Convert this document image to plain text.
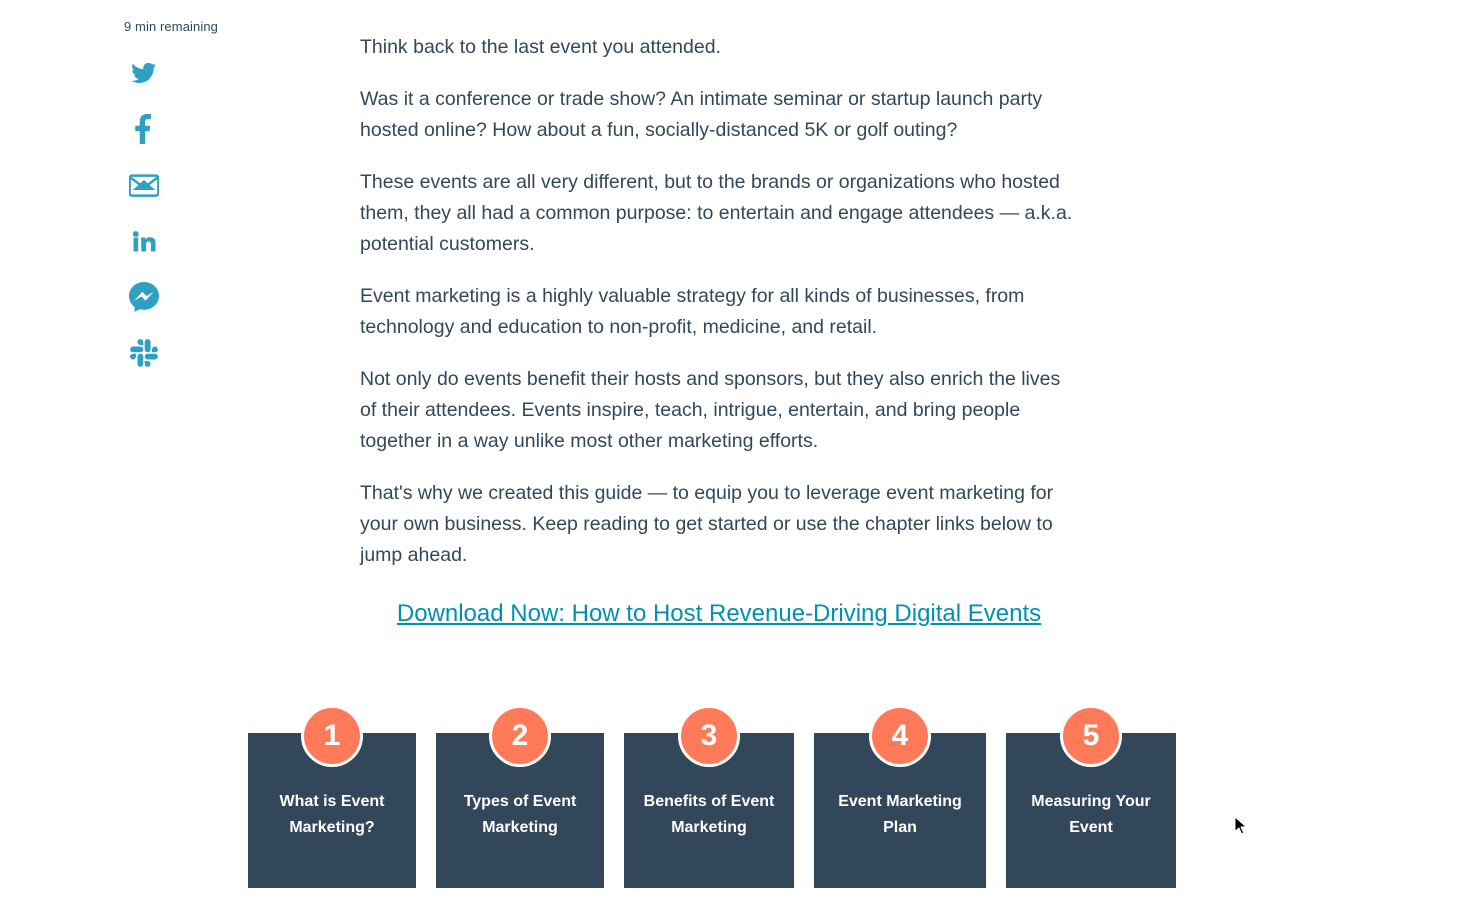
9 min remaining

Think back to the last event you attended.

Was it a conference or trade show? An intimate seminar or startup launch party hosted online? How about a fun, socially-distanced 5K or golf outing?

These events are all very different, but to the brands or organizations who hosted them, they all had a common purpose: to entertain and engage attendees — a.k.a. potential customers.

Event marketing is a highly valuable strategy for all kinds of businesses, from technology and education to non-profit, medicine, and retail.

Not only do events benefit their hosts and sponsors, but they also enrich the lives of their attendees. Events inspire, teach, intrigue, entertain, and bring people together in a way unlike most other marketing efforts.

That's why we created this guide — to equip you to leverage event marketing for your own business. Keep reading to get started or use the chapter links below to jump ahead.

Download Now: How to Host Revenue-Driving Digital Events
1
What is Event Marketing?
2
Types of Event Marketing
3
Benefits of Event Marketing
4
Event Marketing Plan
5
Measuring Your Event
